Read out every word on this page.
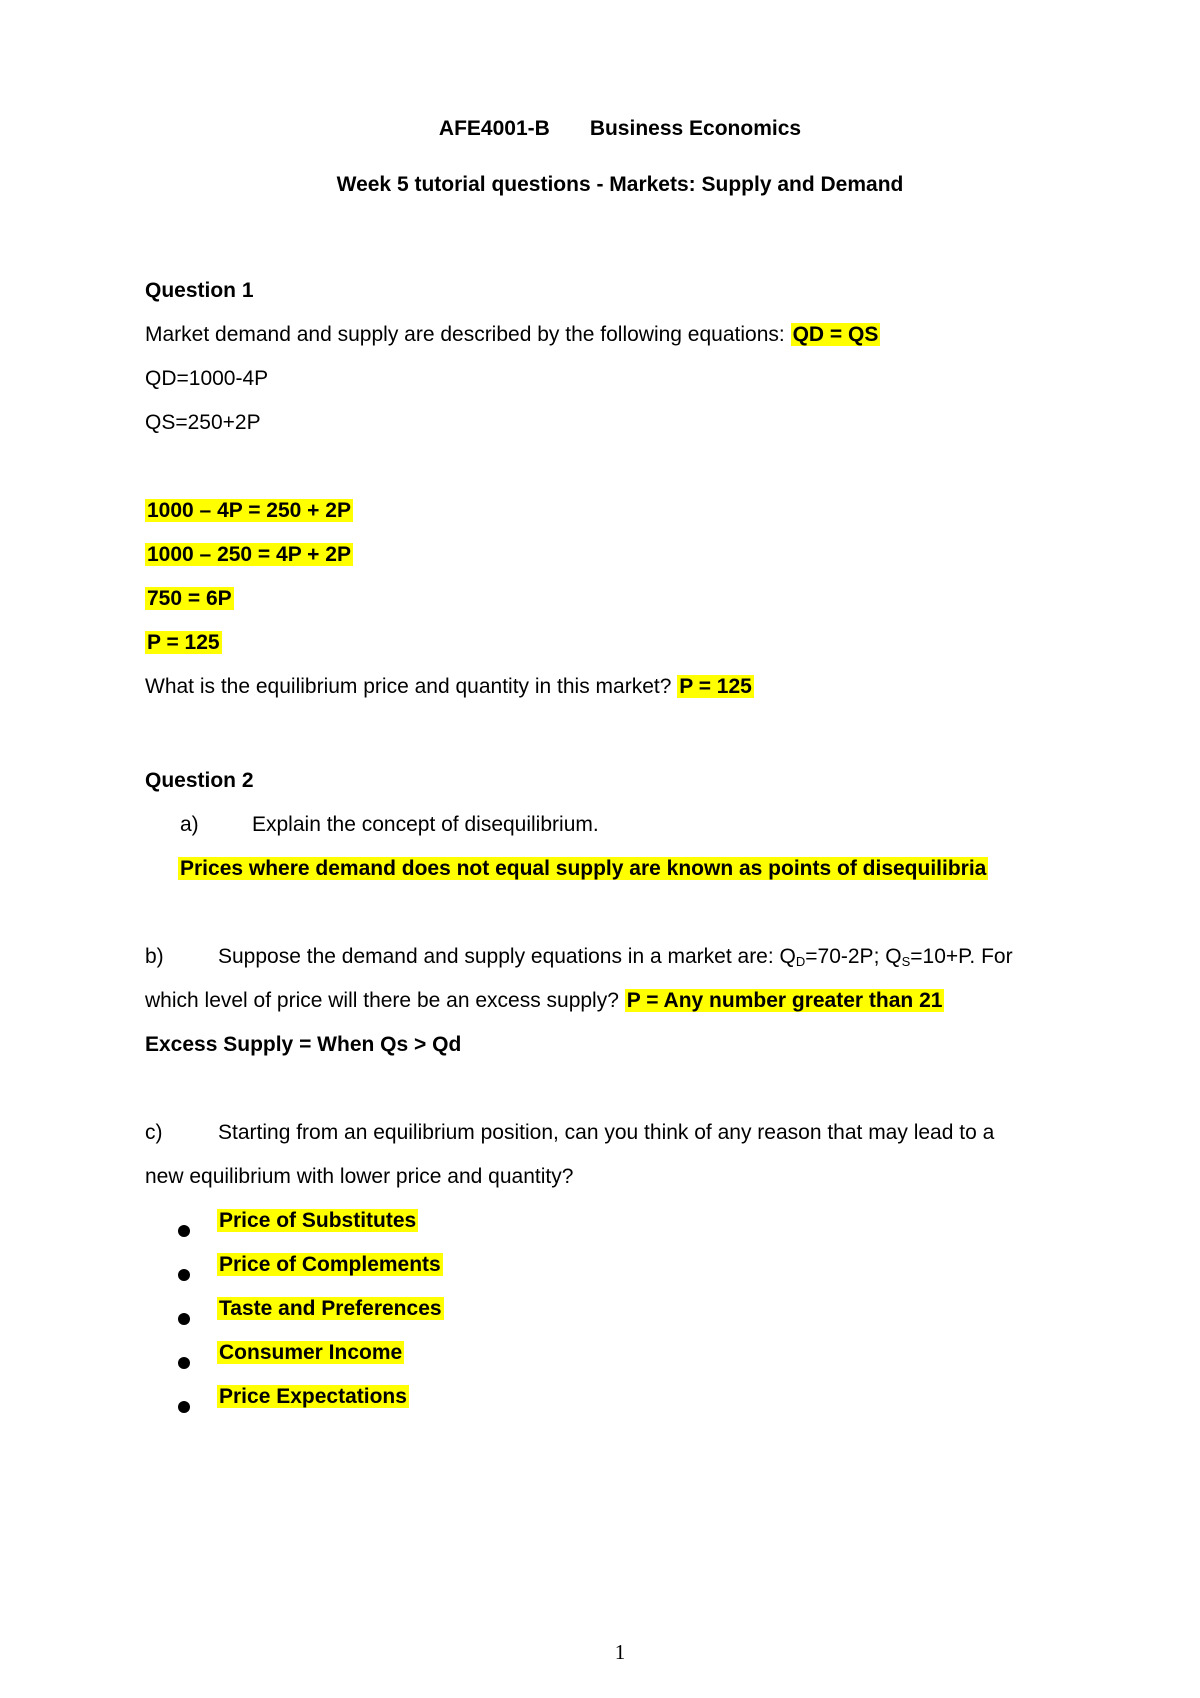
AFE4001-B Business Economics
Week 5 tutorial questions - Markets: Supply and Demand
Question 1
Market demand and supply are described by the following equations: QD = QS
QD=1000-4P
QS=250+2P
1000 – 4P = 250 + 2P
1000 – 250 = 4P + 2P
750 = 6P
P = 125
What is the equilibrium price and quantity in this market? P = 125
Question 2
a)	Explain the concept of disequilibrium.
Prices where demand does not equal supply are known as points of disequilibria
b)	Suppose the demand and supply equations in a market are: $Q_D=70-2P$; $Q_S=10+P$. For
which level of price will there be an excess supply? P = Any number greater than 21
Excess Supply = When Qs > Qd
c)	Starting from an equilibrium position, can you think of any reason that may lead to a
new equilibrium with lower price and quantity?
Price of Substitutes
Price of Complements
Taste and Preferences
Consumer Income
Price Expectations
1
